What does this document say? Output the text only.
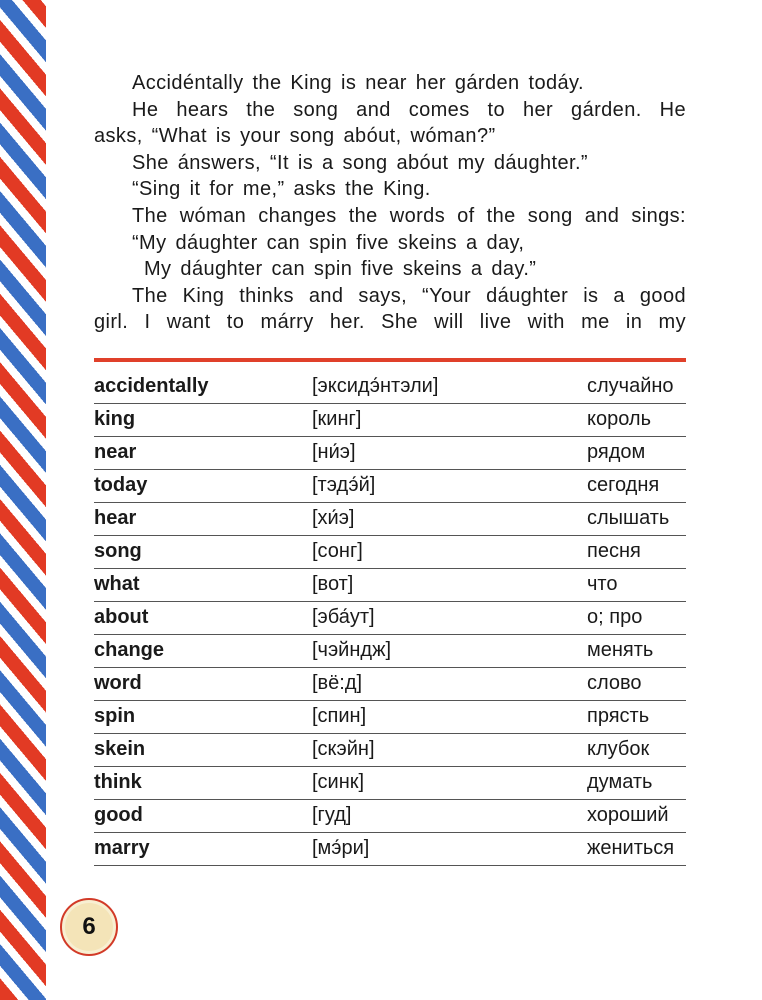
Accidéntally the King is near her gárden todáy.

He hears the song and comes to her gárden. He

asks, “What is your song abóut, wóman?”

She ánswers, “It is a song abóut my dáughter.”

“Sing it for me,” asks the King.

The wóman changes the words of the song and sings:

“My dáughter can spin five skeins a day,

My dáughter can spin five skeins a day.”

The King thinks and says, “Your dáughter is a good

girl. I want to márry her. She will live with me in my

accidentally	[эксидэ́нтэли]	случайно
king	[кинг]	король
near	[ни́э]	рядом
today	[тэдэ́й]	сегодня
hear	[хи́э]	слышать
song	[сонг]	песня
what	[вот]	что
about	[эба́ут]	о; про
change	[чэйндж]	менять
word	[вё:д]	слово
spin	[спин]	прясть
skein	[скэйн]	клубок
think	[синк]	думать
good	[гуд]	хороший
marry	[мэ́ри]	жениться
6
